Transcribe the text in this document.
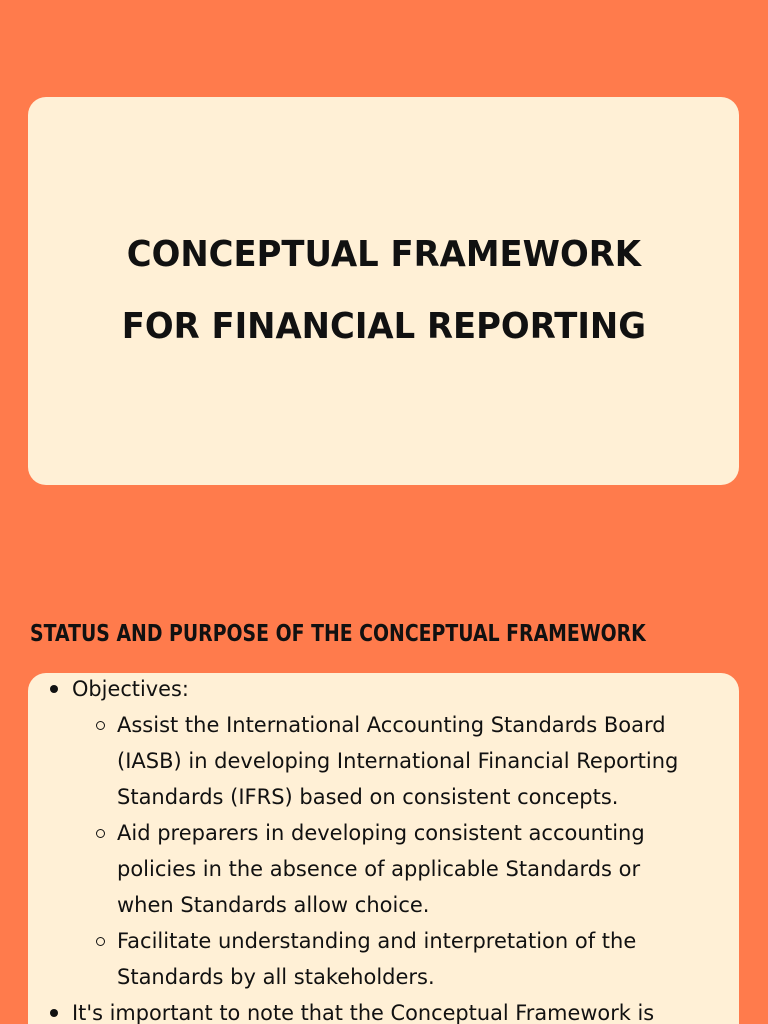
CONCEPTUAL FRAMEWORK
FOR FINANCIAL REPORTING
STATUS AND PURPOSE OF THE CONCEPTUAL FRAMEWORK
Objectives:
Assist the International Accounting Standards Board
(IASB) in developing International Financial Reporting
Standards (IFRS) based on consistent concepts.
Aid preparers in developing consistent accounting
policies in the absence of applicable Standards or
when Standards allow choice.
Facilitate understanding and interpretation of the
Standards by all stakeholders.
It's important to note that the Conceptual Framework is
